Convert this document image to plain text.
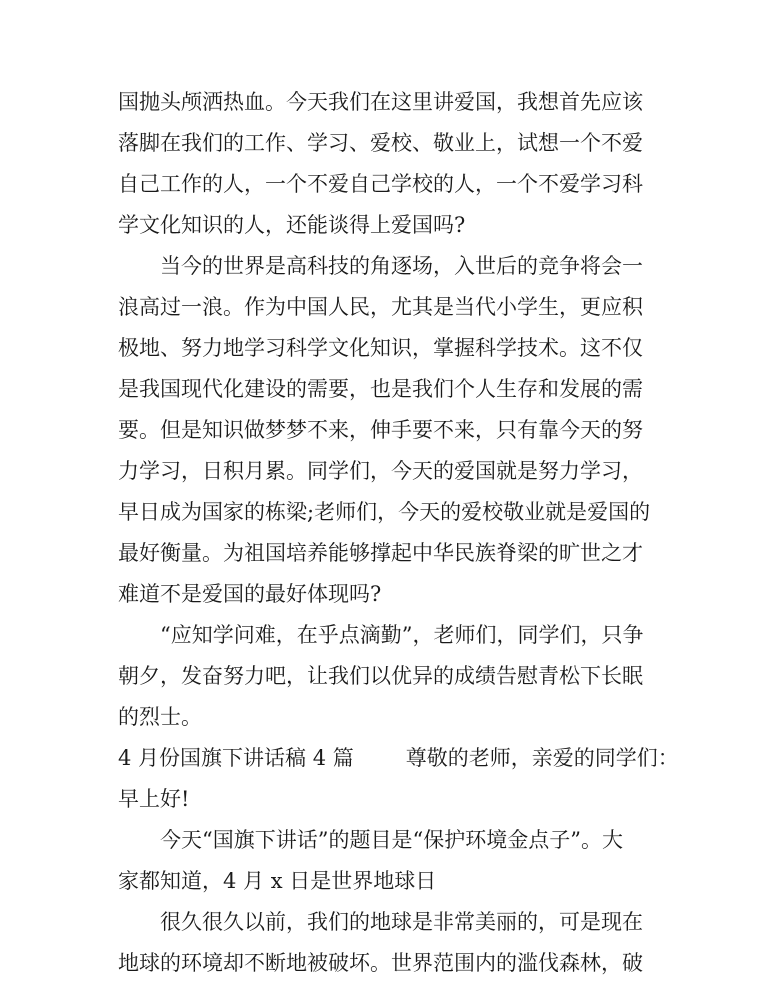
国抛头颅洒热血。今天我们在这里讲爱国，我想首先应该
落脚在我们的工作、学习、爱校、敬业上，试想一个不爱
自己工作的人，一个不爱自己学校的人，一个不爱学习科
学文化知识的人，还能谈得上爱国吗?
当今的世界是高科技的角逐场，入世后的竞争将会一
浪高过一浪。作为中国人民，尤其是当代小学生，更应积
极地、努力地学习科学文化知识，掌握科学技术。这不仅
是我国现代化建设的需要，也是我们个人生存和发展的需
要。但是知识做梦梦不来，伸手要不来，只有靠今天的努
力学习，日积月累。同学们，今天的爱国就是努力学习，
早日成为国家的栋梁;老师们，今天的爱校敬业就是爱国的
最好衡量。为祖国培养能够撑起中华民族脊梁的旷世之才
难道不是爱国的最好体现吗?
“应知学问难，在乎点滴勤”，老师们，同学们，只争
朝夕，发奋努力吧，让我们以优异的成绩告慰青松下长眠
的烈士。
4 月份国旗下讲话稿 4 篇 尊敬的老师，亲爱的同学们：
早上好!
今天“国旗下讲话”的题目是“保护环境金点子”。大
家都知道，4 月 x 日是世界地球日
很久很久以前，我们的地球是非常美丽的，可是现在
地球的环境却不断地被破坏。世界范围内的滥伐森林，破
